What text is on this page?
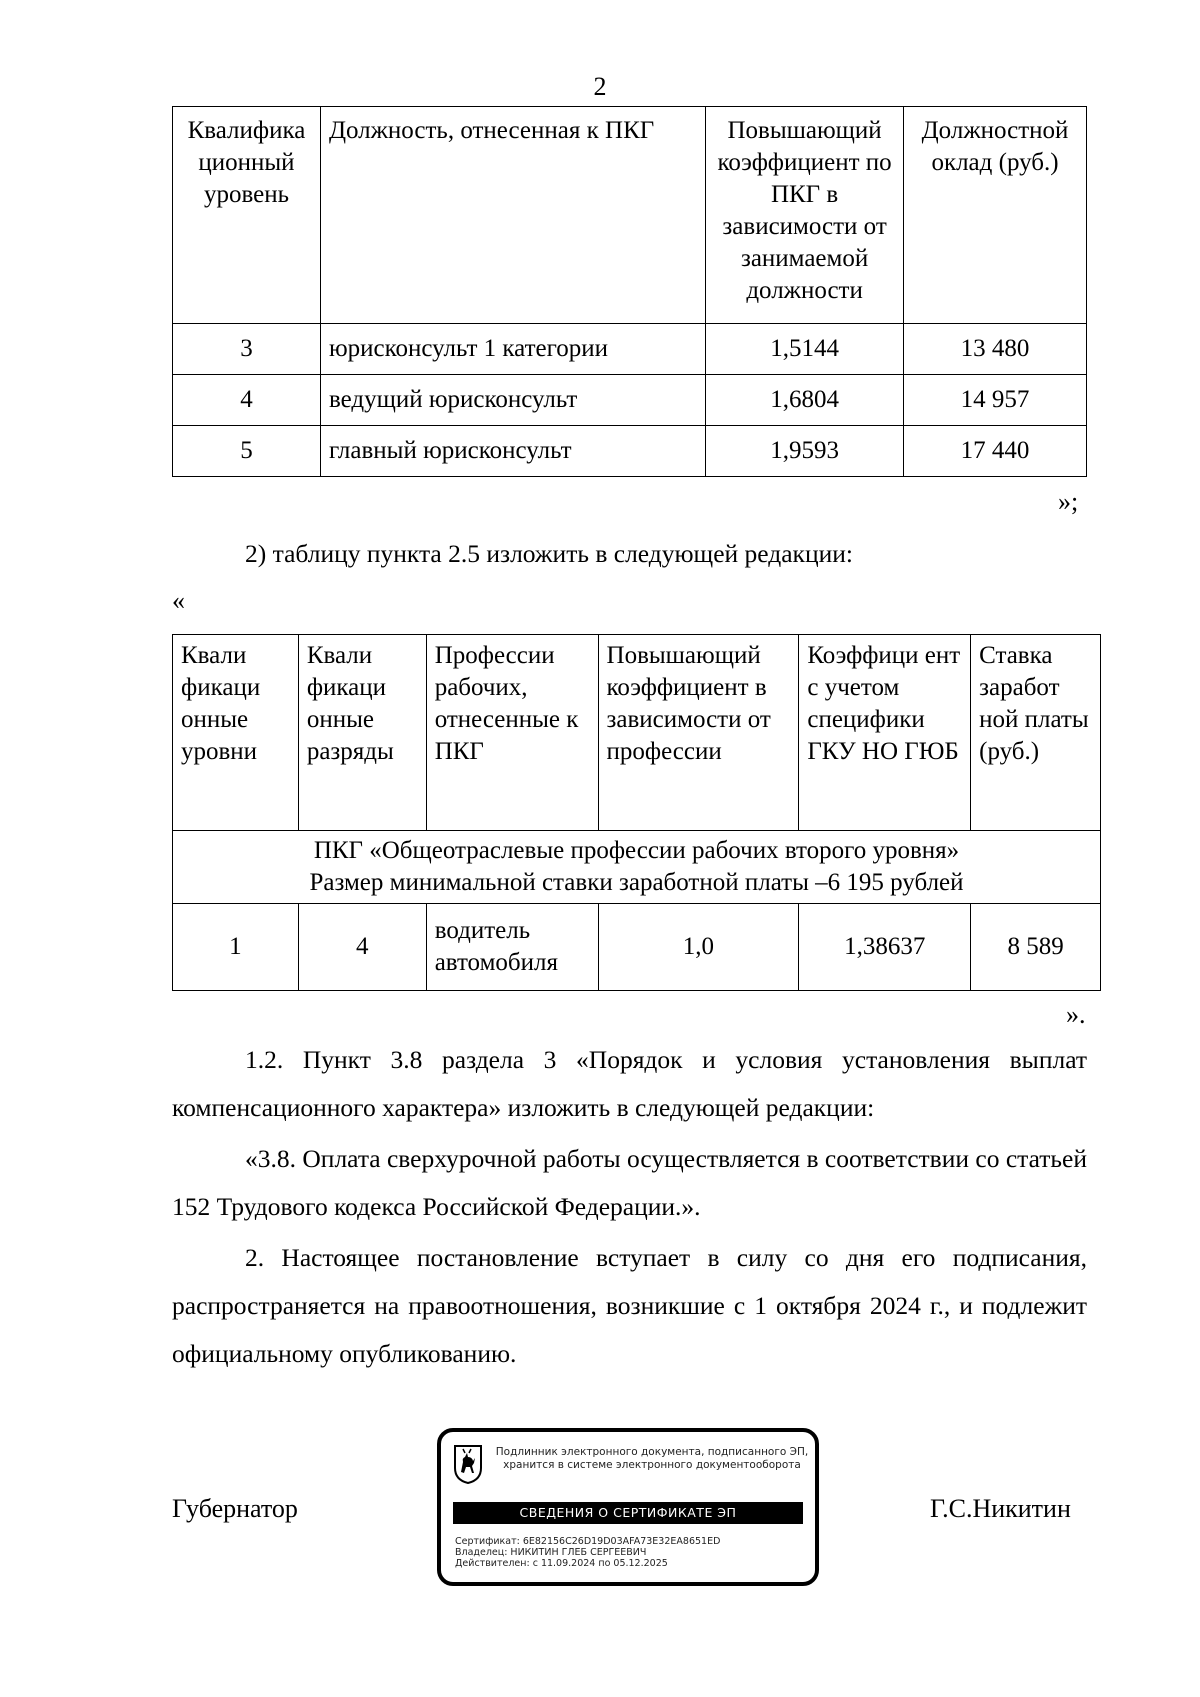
2
Квалифика ционный уровень	Должность, отнесенная к ПКГ	Повышающий коэффициент по ПКГ в зависимости от занимаемой должности	Должностной оклад (руб.)
3	юрисконсульт 1 категории	1,5144	13 480
4	ведущий юрисконсульт	1,6804	14 957
5	главный юрисконсульт	1,9593	17 440
»;
2) таблицу пункта 2.5 изложить в следующей редакции:
«
Квали фикаци онные уровни	Квали фикаци онные разряды	Профессии рабочих, отнесенные к ПКГ	Повышающий коэффициент в зависимости от профессии	Коэффици ент с учетом специфики ГКУ НО ГЮБ	Ставка заработ ной платы (руб.)

ПКГ «Общеотраслевые профессии рабочих второго уровня»
Размер минимальной ставки заработной платы –6 195 рублей					

1	4	водитель автомобиля	1,0	1,38637	8 589
».
1.2. Пункт 3.8 раздела 3 «Порядок и условия установления выплат компенсационного характера» изложить в следующей редакции:
«3.8. Оплата сверхурочной работы осуществляется в соответствии со статьей 152 Трудового кодекса Российской Федерации.».
2. Настоящее постановление вступает в силу со дня его подписания, распространяется на правоотношения, возникшие с 1 октября 2024 г., и подлежит официальному опубликованию.
Губернатор	Г.С.Никитин
Подлинник электронного документа, подписанного ЭП,
хранится в системе электронного документооборота
СВЕДЕНИЯ О СЕРТИФИКАТЕ ЭП
Сертификат: 6E82156C26D19D03AFA73E32EA8651ED
Владелец: НИКИТИН ГЛЕБ СЕРГЕЕВИЧ
Действителен: с 11.09.2024 по 05.12.2025
